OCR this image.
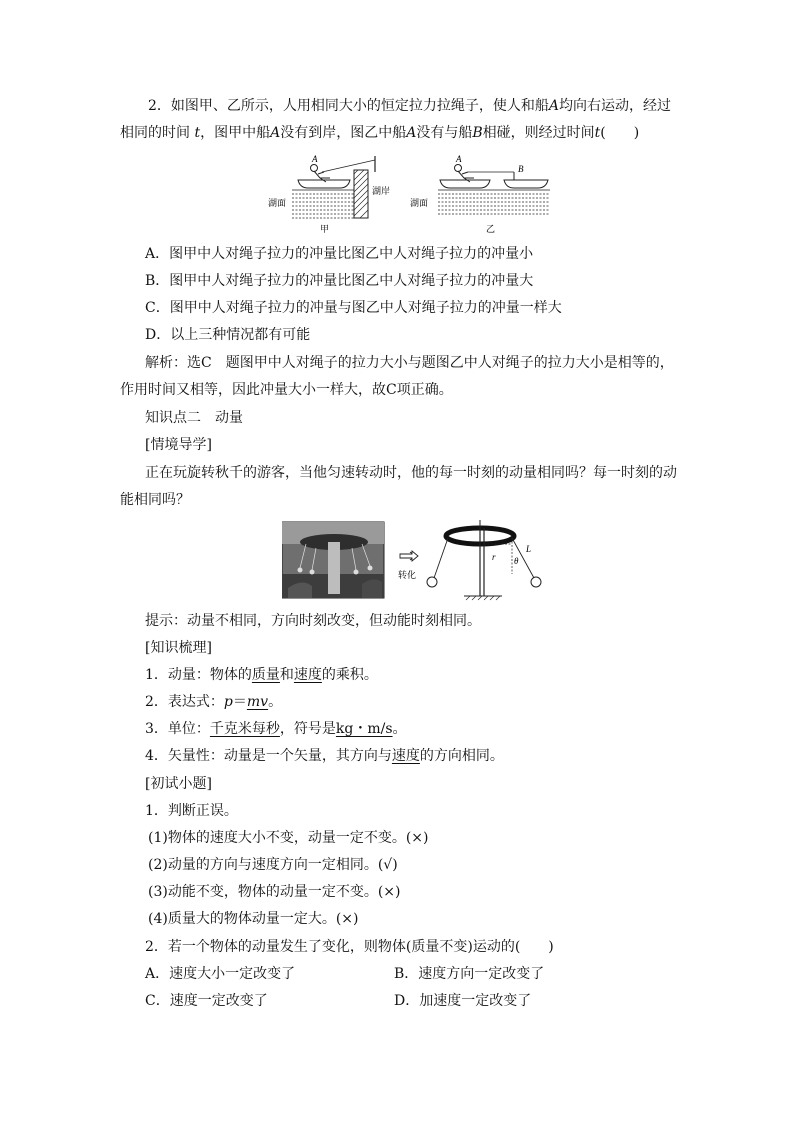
2．如图甲、乙所示，人用相同大小的恒定拉力拉绳子，使人和船A均向右运动，经过
相同的时间 t，图甲中船A没有到岸，图乙中船A没有与船B相碰，则经过时间t(　　)
A
湖岸
湖面
甲
A
B
湖面
乙
A．图甲中人对绳子拉力的冲量比图乙中人对绳子拉力的冲量小
B．图甲中人对绳子拉力的冲量比图乙中人对绳子拉力的冲量大
C．图甲中人对绳子拉力的冲量与图乙中人对绳子拉力的冲量一样大
D．以上三种情况都有可能
解析：选C　题图甲中人对绳子的拉力大小与题图乙中人对绳子的拉力大小是相等的，
作用时间又相等，因此冲量大小一样大，故C项正确。
知识点二　动量
[情境导学]
正在玩旋转秋千的游客，当他匀速转动时，他的每一时刻的动量相同吗？每一时刻的动
能相同吗？
转化
r θ
L
提示：动量不相同，方向时刻改变，但动能时刻相同。
[知识梳理]
1．动量：物体的质量和速度的乘积。
2．表达式：p＝mv。
3．单位：千克米每秒，符号是kg・m/s。
4．矢量性：动量是一个矢量，其方向与速度的方向相同。
[初试小题]
1．判断正误。
(1)物体的速度大小不变，动量一定不变。(×)
(2)动量的方向与速度方向一定相同。(√)
(3)动能不变，物体的动量一定不变。(×)
(4)质量大的物体动量一定大。(×)
2．若一个物体的动量发生了变化，则物体(质量不变)运动的(　　)
A．速度大小一定改变了	B．速度方向一定改变了
C．速度一定改变了	D．加速度一定改变了
